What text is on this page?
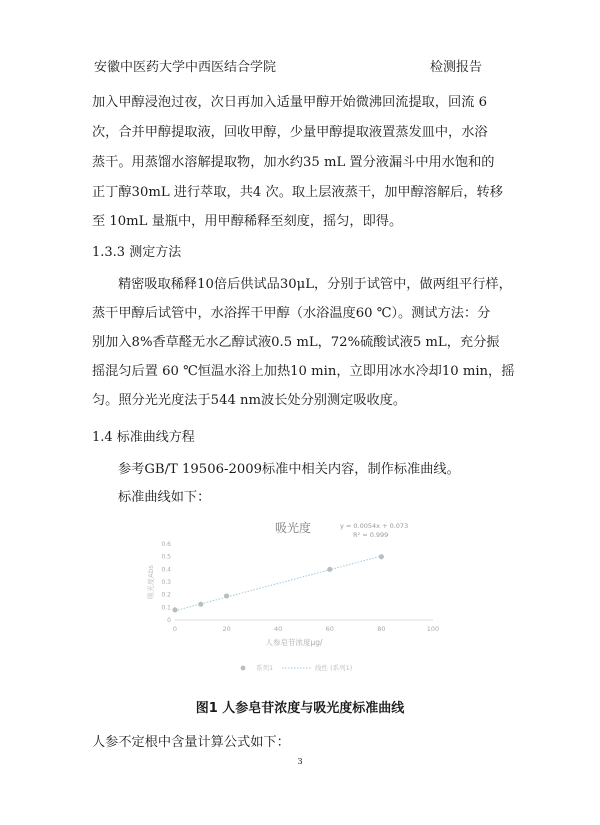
安徽中医药大学中西医结合学院	检测报告
加入甲醇浸泡过夜，次日再加入适量甲醇开始微沸回流提取，回流 6
次，合并甲醇提取液，回收甲醇，少量甲醇提取液置蒸发皿中，水浴
蒸干。用蒸馏水溶解提取物，加水约35 mL 置分液漏斗中用水饱和的
正丁醇30mL 进行萃取，共4 次。取上层液蒸干，加甲醇溶解后，转移
至 10mL 量瓶中，用甲醇稀释至刻度，摇匀，即得。
1.3.3 测定方法
精密吸取稀释10倍后供试品30μL，分别于试管中，做两组平行样，
蒸干甲醇后试管中，水浴挥干甲醇（水浴温度60 ℃）。测试方法：分
别加入8%香草醛无水乙醇试液0.5 mL，72%硫酸试液5 mL，充分振
摇混匀后置 60 ℃恒温水浴上加热10 min，立即用冰水冷却10 min，摇
匀。照分光光度法于544 nm波长处分别测定吸收度。
1.4 标准曲线方程
参考GB/T 19506-2009标准中相关内容，制作标准曲线。
标准曲线如下：
吸光度	y = 0.0054x + 0.073
R² = 0.999
0
0.1
0.2
0.3
0.4
0.5
0.6
0	20	40	60	80	100
吸光度Abs
人参皂苷浓度μg/
系列1	线性 (系列1)
图1 人参皂苷浓度与吸光度标准曲线
人参不定根中含量计算公式如下：
3
